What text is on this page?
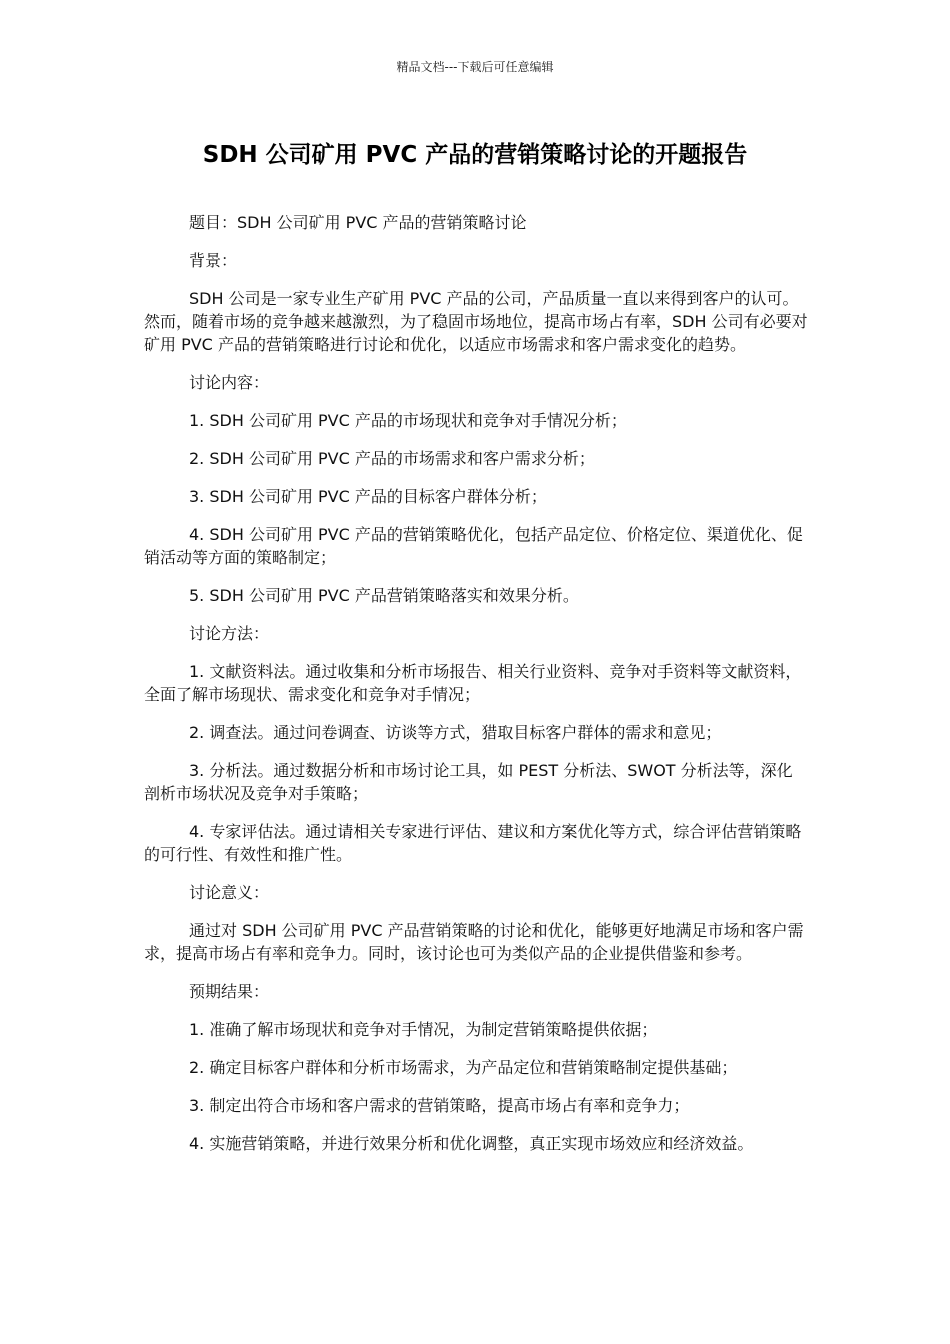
精品文档---下载后可任意编辑
SDH 公司矿用 PVC 产品的营销策略讨论的开题报告

题目：SDH 公司矿用 PVC 产品的营销策略讨论

背景：

SDH 公司是一家专业生产矿用 PVC 产品的公司，产品质量一直以来得到客户的认可。然而，随着市场的竞争越来越激烈，为了稳固市场地位，提高市场占有率，SDH 公司有必要对矿用 PVC 产品的营销策略进行讨论和优化，以适应市场需求和客户需求变化的趋势。

讨论内容：

1. SDH 公司矿用 PVC 产品的市场现状和竞争对手情况分析；

2. SDH 公司矿用 PVC 产品的市场需求和客户需求分析；

3. SDH 公司矿用 PVC 产品的目标客户群体分析；

4. SDH 公司矿用 PVC 产品的营销策略优化，包括产品定位、价格定位、渠道优化、促销活动等方面的策略制定；

5. SDH 公司矿用 PVC 产品营销策略落实和效果分析。

讨论方法：

1. 文献资料法。通过收集和分析市场报告、相关行业资料、竞争对手资料等文献资料，全面了解市场现状、需求变化和竞争对手情况；

2. 调查法。通过问卷调查、访谈等方式，猎取目标客户群体的需求和意见；

3. 分析法。通过数据分析和市场讨论工具，如 PEST 分析法、SWOT 分析法等，深化剖析市场状况及竞争对手策略；

4. 专家评估法。通过请相关专家进行评估、建议和方案优化等方式，综合评估营销策略的可行性、有效性和推广性。

讨论意义：

通过对 SDH 公司矿用 PVC 产品营销策略的讨论和优化，能够更好地满足市场和客户需求，提高市场占有率和竞争力。同时，该讨论也可为类似产品的企业提供借鉴和参考。

预期结果：

1. 准确了解市场现状和竞争对手情况，为制定营销策略提供依据；

2. 确定目标客户群体和分析市场需求，为产品定位和营销策略制定提供基础；

3. 制定出符合市场和客户需求的营销策略，提高市场占有率和竞争力；

4. 实施营销策略，并进行效果分析和优化调整，真正实现市场效应和经济效益。
